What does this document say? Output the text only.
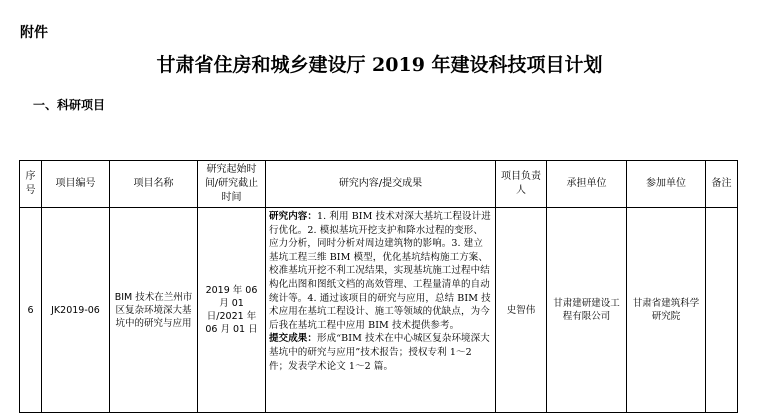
附件
甘肃省住房和城乡建设厅 2019 年建设科技项目计划
一、科研项目
序号	项目编号	项目名称	研究起始时间/研究截止时间	研究内容/提交成果	项目负责人	承担单位	参加单位	备注
6	JK2019-06	BIM 技术在兰州市区复杂环境深大基坑中的研究与应用	2019 年 06 月 01 日/2021 年 06 月 01 日	研究内容：1. 利用 BIM 技术对深大基坑工程设计进行优化。2. 模拟基坑开挖支护和降水过程的变形、应力分析，同时分析对周边建筑物的影响。3. 建立基坑工程三维 BIM 模型，优化基坑结构施工方案、校准基坑开挖不利工况结果，实现基坑施工过程中结构化出图和图纸文档的高效管理、工程量清单的自动统计等。4. 通过该项目的研究与应用，总结 BIM 技术应用在基坑工程设计、施工等领域的优缺点，为今后我在基坑工程中应用 BIM 技术提供参考。
提交成果：形成“BIM 技术在中心城区复杂环境深大基坑中的研究与应用”技术报告；授权专利 1～2 件；发表学术论文 1～2 篇。	史智伟	甘肃建研建设工程有限公司	甘肃省建筑科学研究院	
